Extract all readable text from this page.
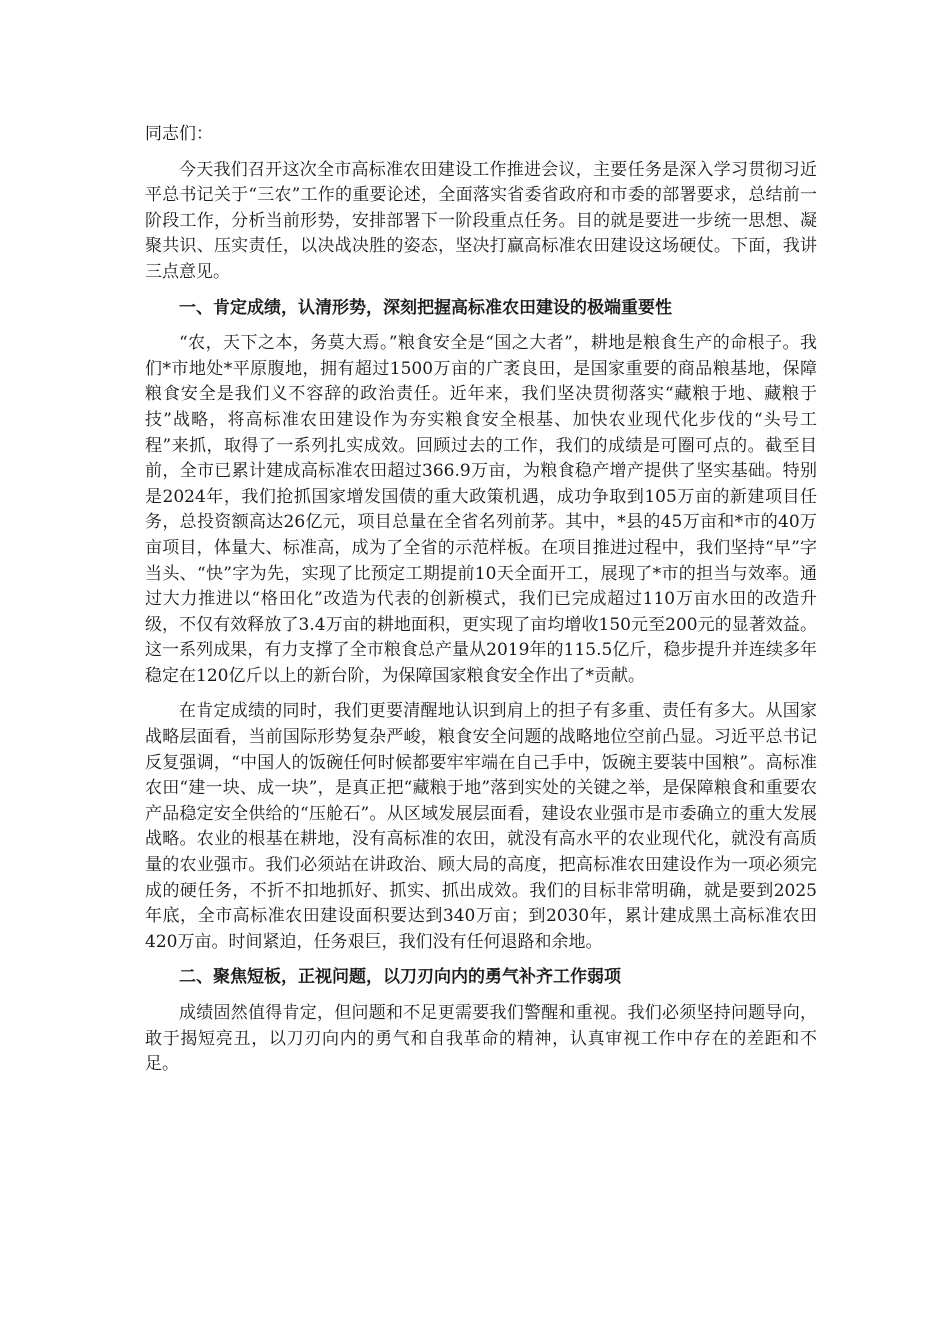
同志们：

今天我们召开这次全市高标准农田建设工作推进会议，主要任务是深入学习贯彻习近平总书记关于“三农”工作的重要论述，全面落实省委省政府和市委的部署要求，总结前一阶段工作，分析当前形势，安排部署下一阶段重点任务。目的就是要进一步统一思想、凝聚共识、压实责任，以决战决胜的姿态，坚决打赢高标准农田建设这场硬仗。下面，我讲三点意见。

一、肯定成绩，认清形势，深刻把握高标准农田建设的极端重要性

“农，天下之本，务莫大焉。”粮食安全是“国之大者”，耕地是粮食生产的命根子。我们*市地处*平原腹地，拥有超过1500万亩的广袤良田，是国家重要的商品粮基地，保障粮食安全是我们义不容辞的政治责任。近年来，我们坚决贯彻落实“藏粮于地、藏粮于技”战略，将高标准农田建设作为夯实粮食安全根基、加快农业现代化步伐的“头号工程”来抓，取得了一系列扎实成效。回顾过去的工作，我们的成绩是可圈可点的。截至目前，全市已累计建成高标准农田超过366.9万亩，为粮食稳产增产提供了坚实基础。特别是2024年，我们抢抓国家增发国债的重大政策机遇，成功争取到105万亩的新建项目任务，总投资额高达26亿元，项目总量在全省名列前茅。其中，*县的45万亩和*市的40万亩项目，体量大、标准高，成为了全省的示范样板。在项目推进过程中，我们坚持“早”字当头、“快”字为先，实现了比预定工期提前10天全面开工，展现了*市的担当与效率。通过大力推进以“格田化”改造为代表的创新模式，我们已完成超过110万亩水田的改造升级，不仅有效释放了3.4万亩的耕地面积，更实现了亩均增收150元至200元的显著效益。这一系列成果，有力支撑了全市粮食总产量从2019年的115.5亿斤，稳步提升并连续多年稳定在120亿斤以上的新台阶，为保障国家粮食安全作出了*贡献。

在肯定成绩的同时，我们更要清醒地认识到肩上的担子有多重、责任有多大。从国家战略层面看，当前国际形势复杂严峻，粮食安全问题的战略地位空前凸显。习近平总书记反复强调，“中国人的饭碗任何时候都要牢牢端在自己手中，饭碗主要装中国粮”。高标准农田“建一块、成一块”，是真正把“藏粮于地”落到实处的关键之举，是保障粮食和重要农产品稳定安全供给的“压舱石”。从区域发展层面看，建设农业强市是市委确立的重大发展战略。农业的根基在耕地，没有高标准的农田，就没有高水平的农业现代化，就没有高质量的农业强市。我们必须站在讲政治、顾大局的高度，把高标准农田建设作为一项必须完成的硬任务，不折不扣地抓好、抓实、抓出成效。我们的目标非常明确，就是要到2025年底，全市高标准农田建设面积要达到340万亩；到2030年，累计建成黑土高标准农田420万亩。时间紧迫，任务艰巨，我们没有任何退路和余地。

二、聚焦短板，正视问题，以刀刃向内的勇气补齐工作弱项

成绩固然值得肯定，但问题和不足更需要我们警醒和重视。我们必须坚持问题导向，敢于揭短亮丑，以刀刃向内的勇气和自我革命的精神，认真审视工作中存在的差距和不足。
